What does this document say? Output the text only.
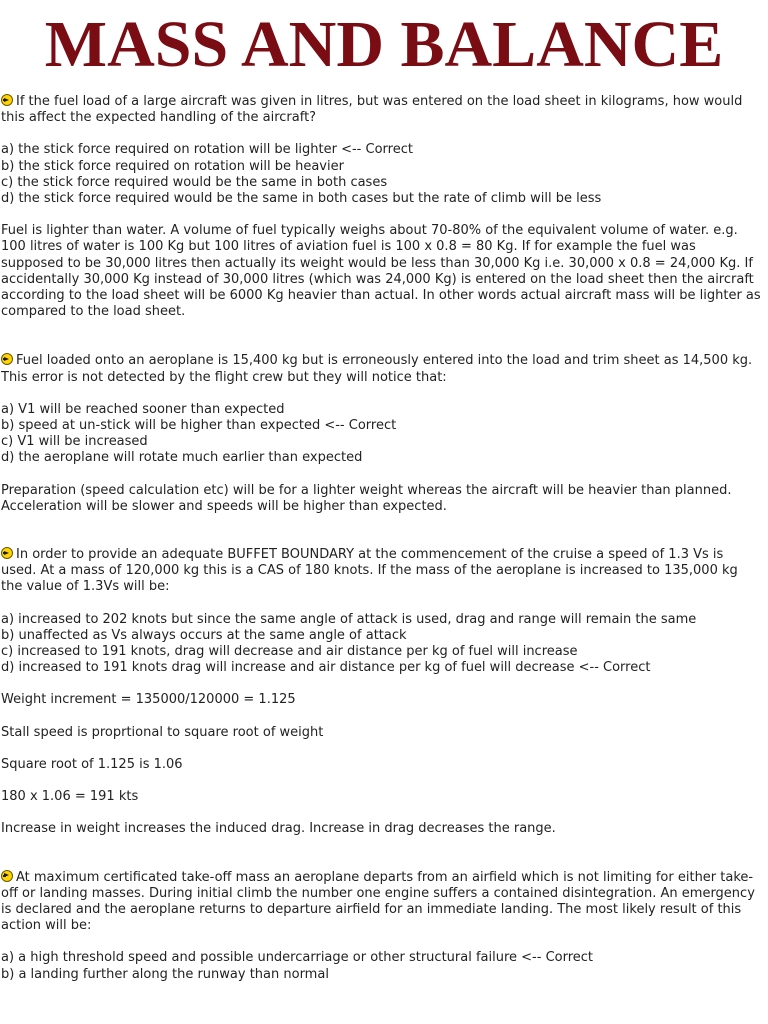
MASS AND BALANCE

If the fuel load of a large aircraft was given in litres, but was entered on the load sheet in kilograms, how would this affect the expected handling of the aircraft?

a) the stick force required on rotation will be lighter <-- Correct
b) the stick force required on rotation will be heavier
c) the stick force required would be the same in both cases
d) the stick force required would be the same in both cases but the rate of climb will be less

Fuel is lighter than water. A volume of fuel typically weighs about 70-80% of the equivalent volume of water. e.g. 100 litres of water is 100 Kg but 100 litres of aviation fuel is 100 x 0.8 = 80 Kg. If for example the fuel was supposed to be 30,000 litres then actually its weight would be less than 30,000 Kg i.e. 30,000 x 0.8 = 24,000 Kg. If accidentally 30,000 Kg instead of 30,000 litres (which was 24,000 Kg) is entered on the load sheet then the aircraft according to the load sheet will be 6000 Kg heavier than actual. In other words actual aircraft mass will be lighter as compared to the load sheet.

Fuel loaded onto an aeroplane is 15,400 kg but is erroneously entered into the load and trim sheet as 14,500 kg. This error is not detected by the flight crew but they will notice that:

a) V1 will be reached sooner than expected
b) speed at un-stick will be higher than expected <-- Correct
c) V1 will be increased
d) the aeroplane will rotate much earlier than expected

Preparation (speed calculation etc) will be for a lighter weight whereas the aircraft will be heavier than planned. Acceleration will be slower and speeds will be higher than expected.

In order to provide an adequate BUFFET BOUNDARY at the commencement of the cruise a speed of 1.3 Vs is used. At a mass of 120,000 kg this is a CAS of 180 knots. If the mass of the aeroplane is increased to 135,000 kg the value of 1.3Vs will be:

a) increased to 202 knots but since the same angle of attack is used, drag and range will remain the same
b) unaffected as Vs always occurs at the same angle of attack
c) increased to 191 knots, drag will decrease and air distance per kg of fuel will increase
d) increased to 191 knots drag will increase and air distance per kg of fuel will decrease <-- Correct

Weight increment = 135000/120000 = 1.125

Stall speed is proprtional to square root of weight

Square root of 1.125 is 1.06

180 x 1.06 = 191 kts

Increase in weight increases the induced drag. Increase in drag decreases the range.

At maximum certificated take-off mass an aeroplane departs from an airfield which is not limiting for either take-off or landing masses. During initial climb the number one engine suffers a contained disintegration. An emergency is declared and the aeroplane returns to departure airfield for an immediate landing. The most likely result of this action will be:

a) a high threshold speed and possible undercarriage or other structural failure <-- Correct
b) a landing further along the runway than normal
